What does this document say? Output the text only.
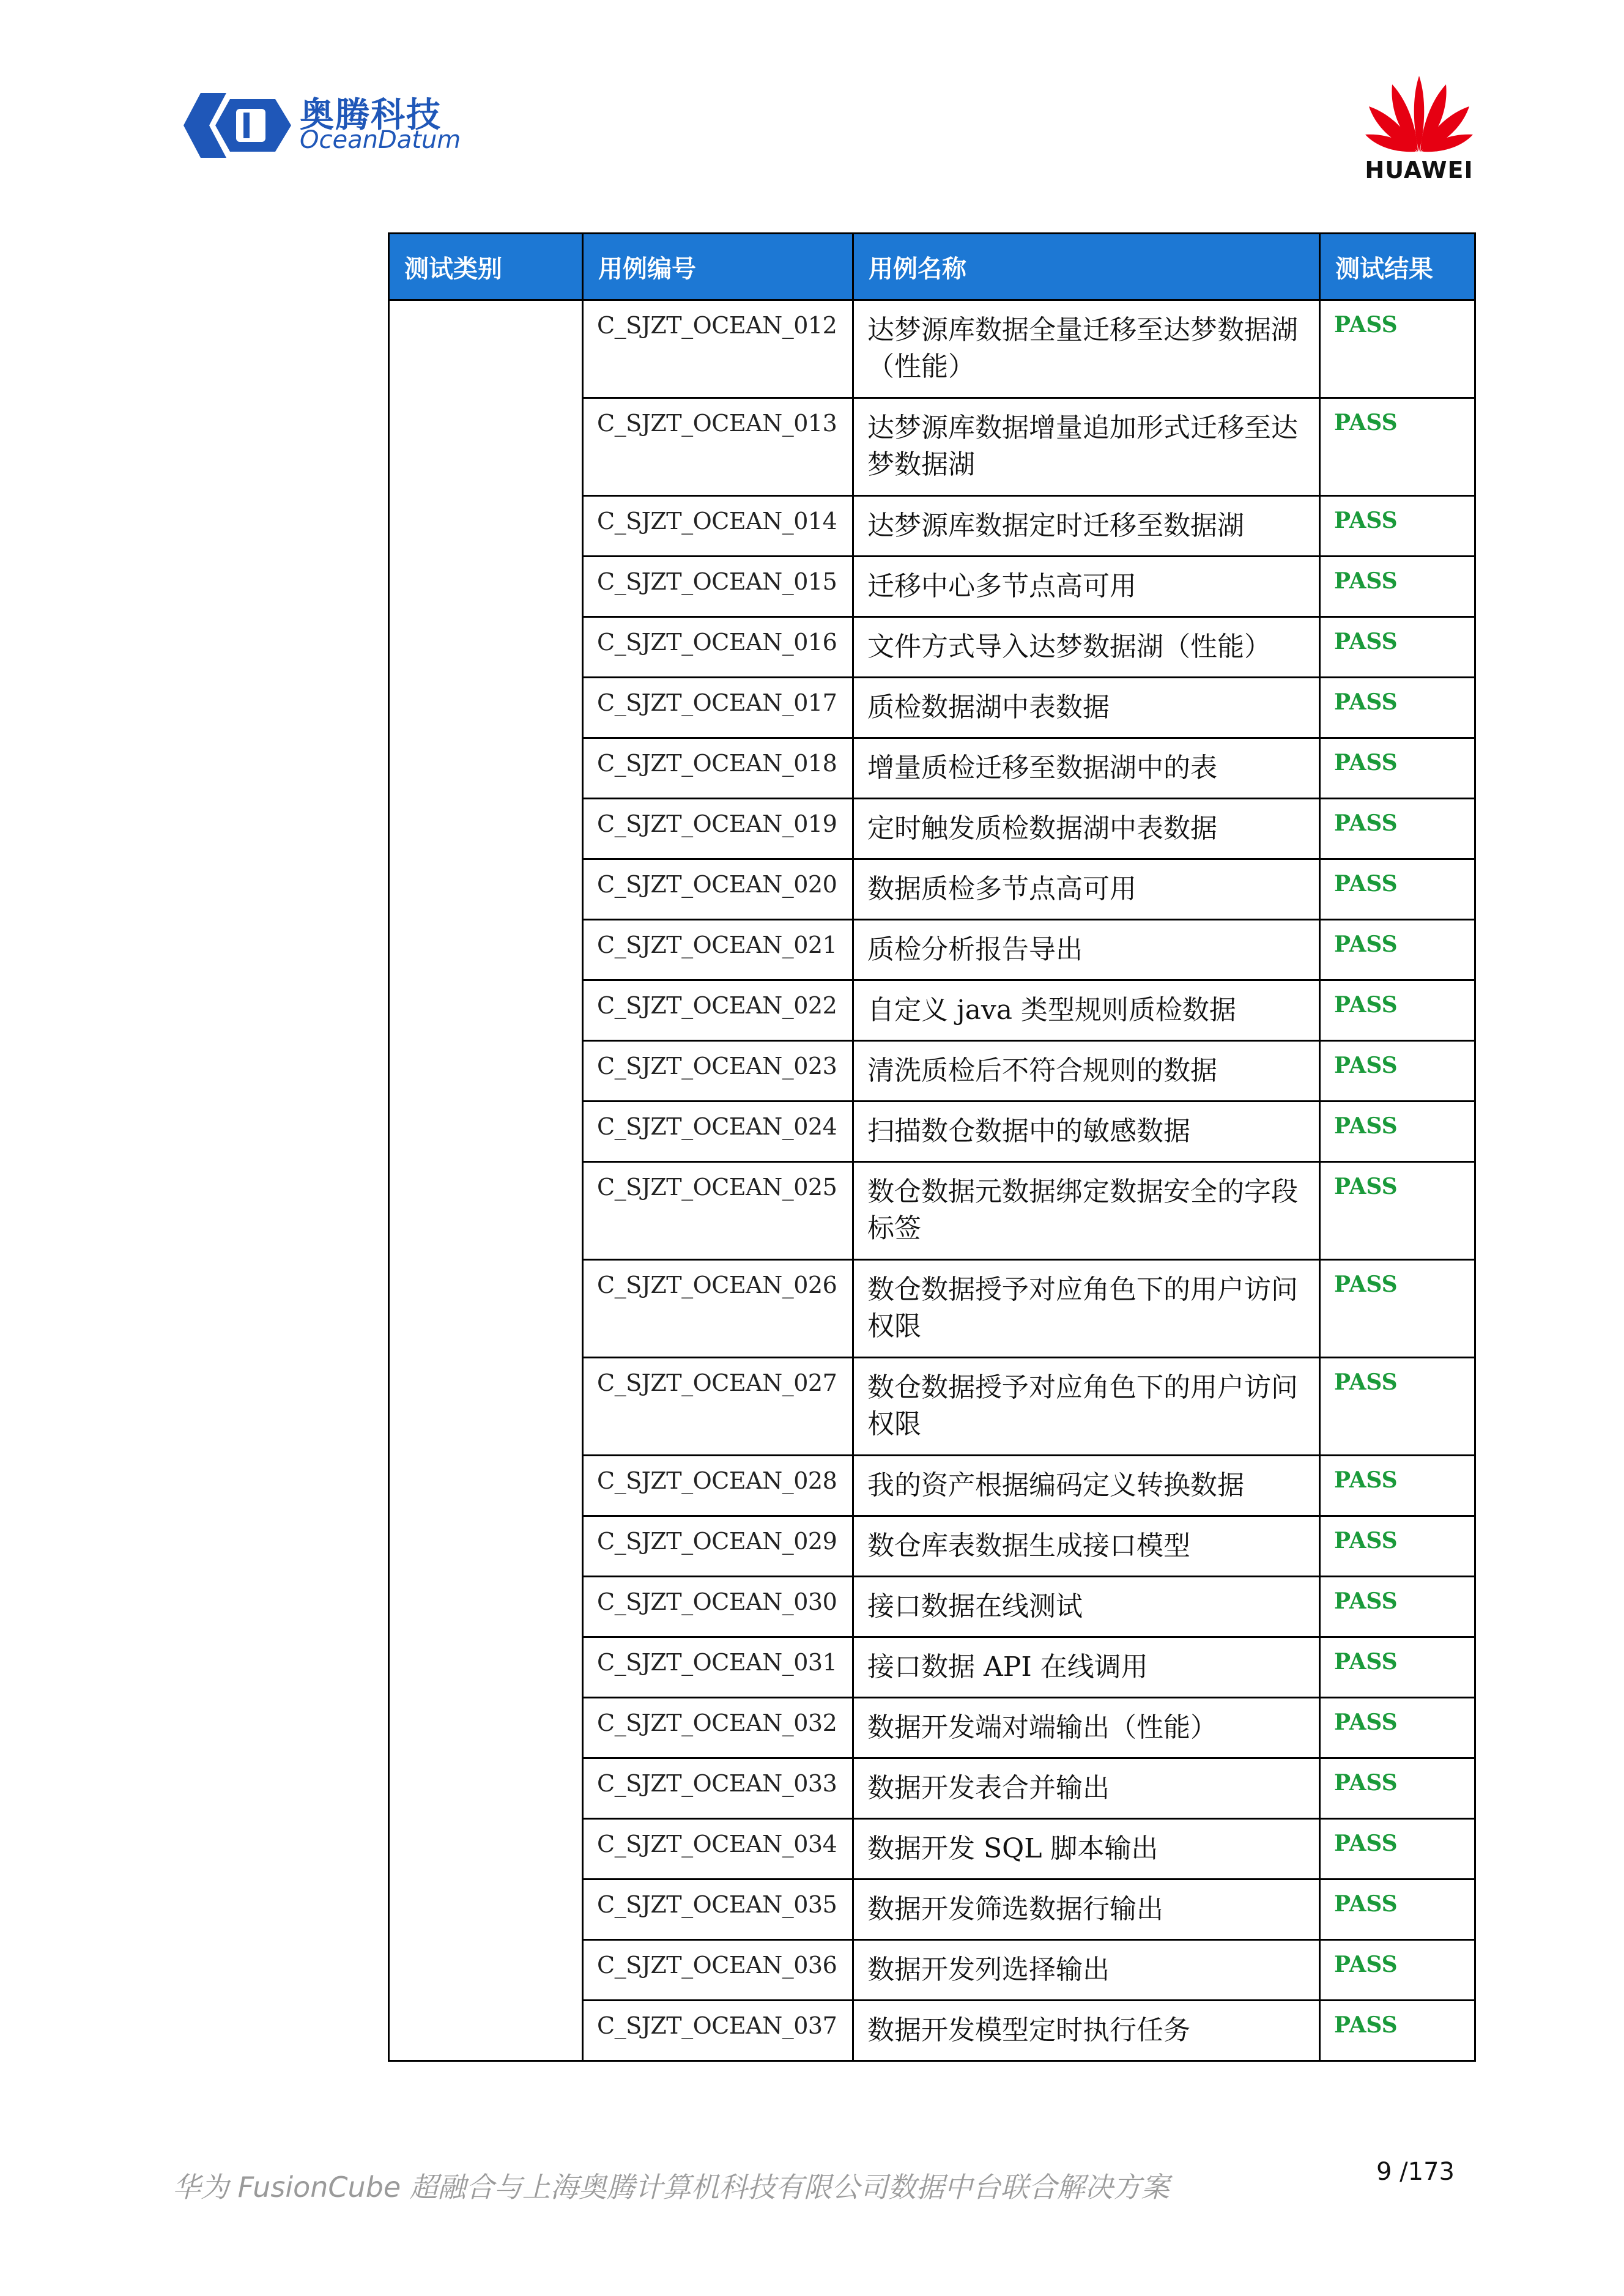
奥腾科技
OceanDatum
HUAWEI
测试类别	用例编号	用例名称	测试结果
	C_SJZT_OCEAN_012	达梦源库数据全量迁移至达梦数据湖（性能）	PASS
	C_SJZT_OCEAN_013	达梦源库数据增量追加形式迁移至达梦数据湖	PASS
	C_SJZT_OCEAN_014	达梦源库数据定时迁移至数据湖	PASS
	C_SJZT_OCEAN_015	迁移中心多节点高可用	PASS
	C_SJZT_OCEAN_016	文件方式导入达梦数据湖（性能）	PASS
	C_SJZT_OCEAN_017	质检数据湖中表数据	PASS
	C_SJZT_OCEAN_018	增量质检迁移至数据湖中的表	PASS
	C_SJZT_OCEAN_019	定时触发质检数据湖中表数据	PASS
	C_SJZT_OCEAN_020	数据质检多节点高可用	PASS
	C_SJZT_OCEAN_021	质检分析报告导出	PASS
	C_SJZT_OCEAN_022	自定义 java 类型规则质检数据	PASS
	C_SJZT_OCEAN_023	清洗质检后不符合规则的数据	PASS
	C_SJZT_OCEAN_024	扫描数仓数据中的敏感数据	PASS
	C_SJZT_OCEAN_025	数仓数据元数据绑定数据安全的字段标签	PASS
	C_SJZT_OCEAN_026	数仓数据授予对应角色下的用户访问权限	PASS
	C_SJZT_OCEAN_027	数仓数据授予对应角色下的用户访问权限	PASS
	C_SJZT_OCEAN_028	我的资产根据编码定义转换数据	PASS
	C_SJZT_OCEAN_029	数仓库表数据生成接口模型	PASS
	C_SJZT_OCEAN_030	接口数据在线测试	PASS
	C_SJZT_OCEAN_031	接口数据 API 在线调用	PASS
	C_SJZT_OCEAN_032	数据开发端对端输出（性能）	PASS
	C_SJZT_OCEAN_033	数据开发表合并输出	PASS
	C_SJZT_OCEAN_034	数据开发 SQL 脚本输出	PASS
	C_SJZT_OCEAN_035	数据开发筛选数据行输出	PASS
	C_SJZT_OCEAN_036	数据开发列选择输出	PASS
	C_SJZT_OCEAN_037	数据开发模型定时执行任务	PASS
华为 FusionCube 超融合与上海奥腾计算机科技有限公司数据中台联合解决方案	9 /173
